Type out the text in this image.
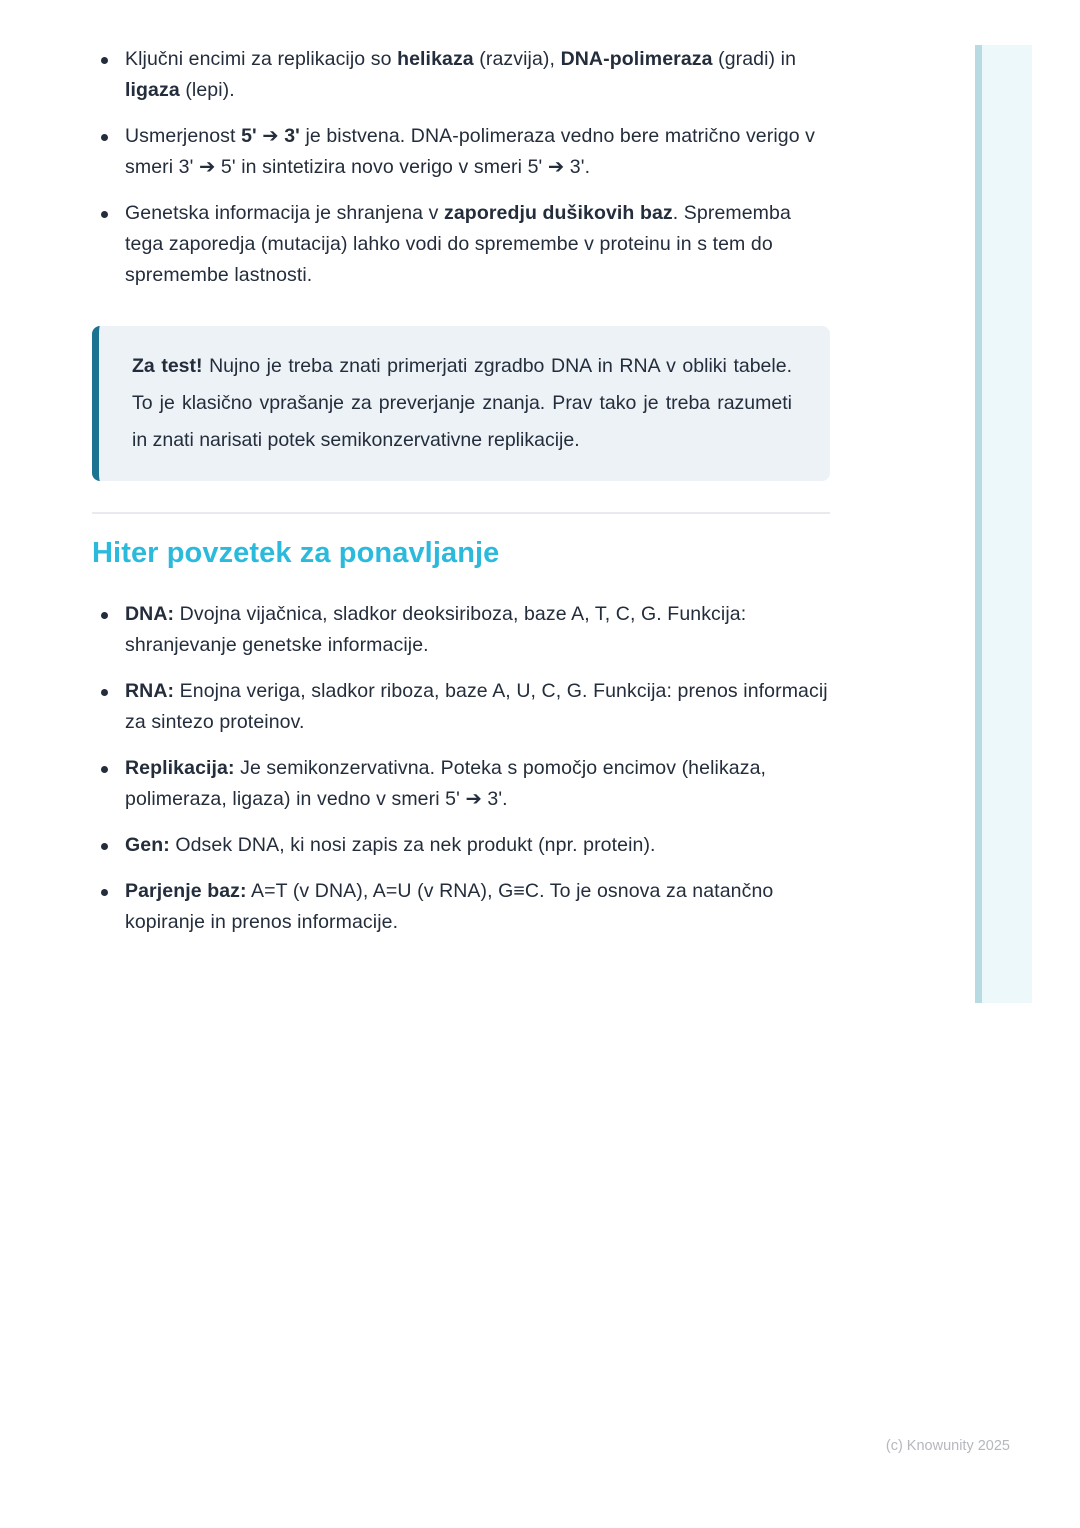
Ključni encimi za replikacijo so helikaza (razvija), DNA-polimeraza (gradi) in ligaza (lepi).
Usmerjenost 5' ➔ 3' je bistvena. DNA-polimeraza vedno bere matrično verigo v smeri 3' ➔ 5' in sintetizira novo verigo v smeri 5' ➔ 3'.
Genetska informacija je shranjena v zaporedju dušikovih baz. Sprememba tega zaporedja (mutacija) lahko vodi do spremembe v proteinu in s tem do spremembe lastnosti.

Za test! Nujno je treba znati primerjati zgradbo DNA in RNA v obliki tabele. To je klasično vprašanje za preverjanje znanja. Prav tako je treba razumeti in znati narisati potek semikonzervativne replikacije.

Hiter povzetek za ponavljanje
DNA: Dvojna vijačnica, sladkor deoksiriboza, baze A, T, C, G. Funkcija: shranjevanje genetske informacije.
RNA: Enojna veriga, sladkor riboza, baze A, U, C, G. Funkcija: prenos informacij za sintezo proteinov.
Replikacija: Je semikonzervativna. Poteka s pomočjo encimov (helikaza, polimeraza, ligaza) in vedno v smeri 5' ➔ 3'.
Gen: Odsek DNA, ki nosi zapis za nek produkt (npr. protein).
Parjenje baz: A=T (v DNA), A=U (v RNA), G≡C. To je osnova za natančno kopiranje in prenos informacije.
(c) Knowunity 2025
